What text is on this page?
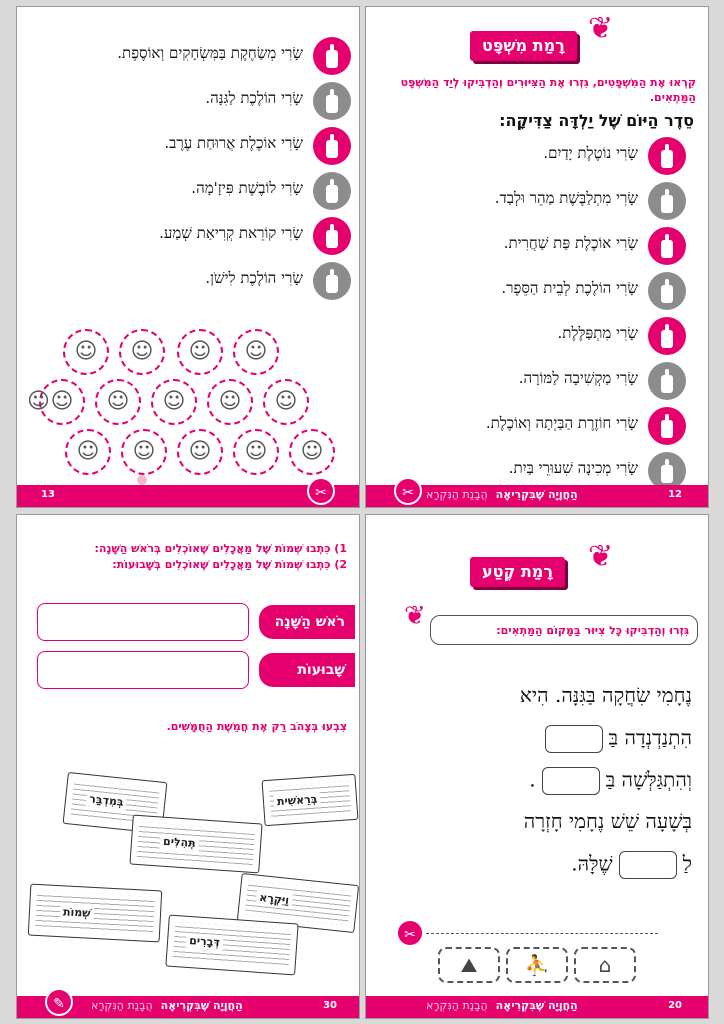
שָׂרִי מְשַׂחֶקֶת בַּמִּשְׂחָקִים וְאוֹסֶפֶת.
שָׂרִי הוֹלֶכֶת לַגִּנָּה.
שָׂרִי אוֹכֶלֶת אֲרוּחַת עֶרֶב.
שָׂרִי לוֹבֶשֶׁת פִּיזָ'מָה.
שָׂרִי קוֹרֵאת קְרִיאַת שְׁמַע.
שָׂרִי הוֹלֶכֶת לִישֹׁן.
☺
☺
☺
☺
☺
☺
☺
☺
☺
☺
☺
☺
☺
☺
☺
13	✂
רָמַת מִשְׁפָּט ❦
קִרְאוּ אֶת הַמִּשְׁפָּטִים, גִּזְרוּ אֶת הַצִּיּוּרִים וְהַדְבִּיקוּ לְיַד הַמִּשְׁפָּט הַמַּתְאִים.
סֵדֶר הַיּוֹם שֶׁל יַלְדָּה צַדִּיקָה:
שָׂרִי נוֹטֶלֶת יָדַיִם.
שָׂרִי מִתְלַבֶּשֶׁת מַהֵר וּלְבַד.
שָׂרִי אוֹכֶלֶת פַּת שַׁחֲרִית.
שָׂרִי הוֹלֶכֶת לְבֵית הַסֵּפֶר.
שָׂרִי מִתְפַּלֶּלֶת.
שָׂרִי מַקְשִׁיבָה לַמּוֹרָה.
שָׂרִי חוֹזֶרֶת הַבַּיְתָה וְאוֹכֶלֶת.
שָׂרִי מְכִינָה שִׁעוּרֵי בַּיִת.
הַחֲוָיָה שֶׁבִּקְרִיאָההֲבָנַת הַנִּקְרָא	12
✂
1) כִּתְבוּ שְׁמוֹת שֶׁל מַאֲכָלִים שֶׁאוֹכְלִים בְּרֹאשׁ הַשָּׁנָה:
2) כִּתְבוּ שְׁמוֹת שֶׁל מַאֲכָלִים שֶׁאוֹכְלִים בְּשָׁבוּעוֹת:
רֹאשׁ הַשָּׁנָה
שָׁבוּעוֹת
צִבְעוּ בְּצָהֹב רַק אֶת חֲמֵשֶׁת הַחֻמָּשִׁים.
בְּמִדְבַּר	בְּרֵאשִׁית
תְּהִלִּים
וַיִּקְרָא
שְׁמוֹת
דְּבָרִים
הַחֲוָיָה שֶׁבִּקְרִיאָההֲבָנַת הַנִּקְרָא	30
✎
רָמַת קֶטַע	❦
❦	גִּזְרוּ וְהַדְבִּיקוּ כָּל צִיּוּר בַּמָּקוֹם הַמַּתְאִים:
נֶחָמִי שִׂחֲקָה בַּגִּנָּה. הִיא
הִתְנַדְנְדָה בַּ
וְהִתְגַּלְּשָׁה בַּ.
בְּשָׁעָה שֵׁשׁ נֶחָמִי חָזְרָה
לַשֶׁלָּהּ.
✂
⛰	⛹	⌂
הַחֲוָיָה שֶׁבִּקְרִיאָההֲבָנַת הַנִּקְרָא	20
